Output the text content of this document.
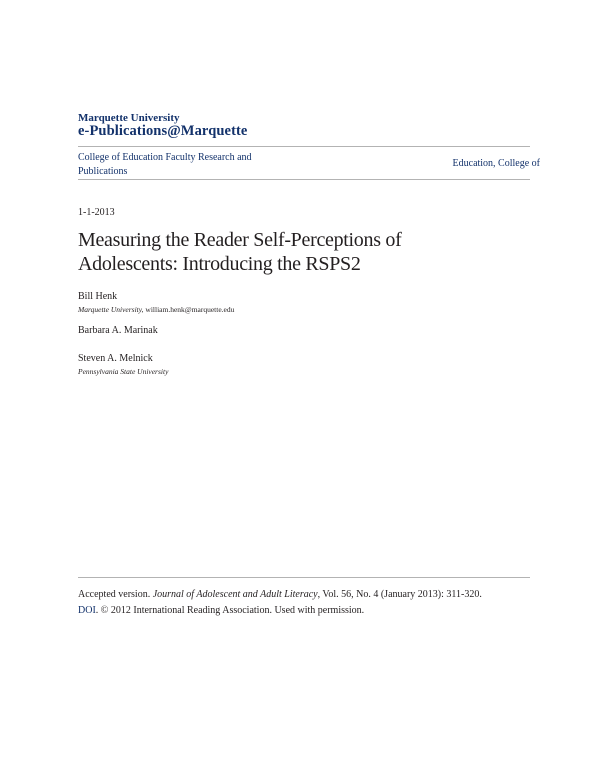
Marquette University
e-Publications@Marquette
College of Education Faculty Research and Publications
Education, College of
1-1-2013
Measuring the Reader Self-Perceptions of
Adolescents: Introducing the RSPS2
Bill Henk
Marquette University, william.henk@marquette.edu
Barbara A. Marinak
Steven A. Melnick
Pennsylvania State University
Accepted version. Journal of Adolescent and Adult Literacy, Vol. 56, No. 4 (January 2013): 311-320.
DOI. © 2012 International Reading Association. Used with permission.
